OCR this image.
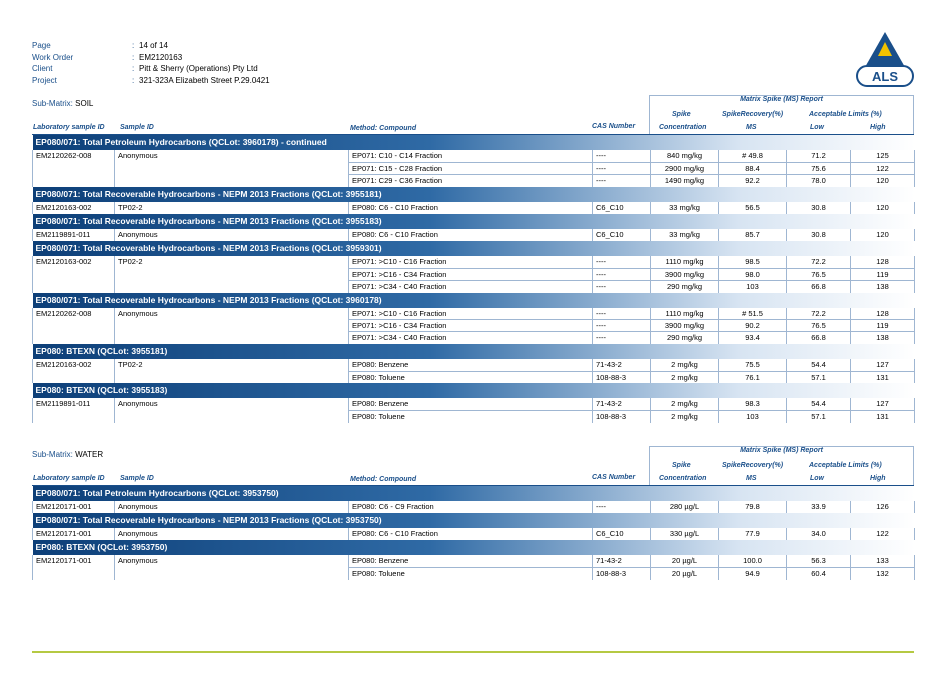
Page	: 14 of 14
Work Order	: EM2120163
Client	: Pitt & Sherry (Operations) Pty Ltd
Project	: 321-323A Elizabeth Street P.29.0421	ALS
Sub-Matrix: SOIL	Matrix Spike (MS) Report
Spike	SpikeRecovery(%)	Acceptable Limits (%)
Laboratory sample ID Sample ID	Method: Compound	CAS Number	Concentration	MS	Low	High
EP080/071: Total Petroleum Hydrocarbons (QCLot: 3960178) - continued							
EM2120262-008	Anonymous	EP071: C10 - C14 Fraction	----	840 mg/kg	# 49.8	71.2	125
		EP071: C15 - C28 Fraction	----	2900 mg/kg	88.4	75.6	122
		EP071: C29 - C36 Fraction	----	1490 mg/kg	92.2	78.0	120
EP080/071: Total Recoverable Hydrocarbons - NEPM 2013 Fractions (QCLot: 3955181)							
EM2120163-002	TP02-2	EP080: C6 - C10 Fraction	C6_C10	33 mg/kg	56.5	30.8	120
EP080/071: Total Recoverable Hydrocarbons - NEPM 2013 Fractions (QCLot: 3955183)							
EM2119891-011	Anonymous	EP080: C6 - C10 Fraction	C6_C10	33 mg/kg	85.7	30.8	120
EP080/071: Total Recoverable Hydrocarbons - NEPM 2013 Fractions (QCLot: 3959301)							
EM2120163-002	TP02-2	EP071: >C10 - C16 Fraction	----	1110 mg/kg	98.5	72.2	128
		EP071: >C16 - C34 Fraction	----	3900 mg/kg	98.0	76.5	119
		EP071: >C34 - C40 Fraction	----	290 mg/kg	103	66.8	138
EP080/071: Total Recoverable Hydrocarbons - NEPM 2013 Fractions (QCLot: 3960178)							
EM2120262-008	Anonymous	EP071: >C10 - C16 Fraction	----	1110 mg/kg	# 51.5	72.2	128
		EP071: >C16 - C34 Fraction	----	3900 mg/kg	90.2	76.5	119
		EP071: >C34 - C40 Fraction	----	290 mg/kg	93.4	66.8	138
EP080: BTEXN (QCLot: 3955181)							
EM2120163-002	TP02-2	EP080: Benzene	71-43-2	2 mg/kg	75.5	54.4	127
		EP080: Toluene	108-88-3	2 mg/kg	76.1	57.1	131
EP080: BTEXN (QCLot: 3955183)							
EM2119891-011	Anonymous	EP080: Benzene	71-43-2	2 mg/kg	98.3	54.4	127
		EP080: Toluene	108-88-3	2 mg/kg	103	57.1	131
Sub-Matrix: WATER	Matrix Spike (MS) Report
Spike	SpikeRecovery(%)	Acceptable Limits (%)
Laboratory sample ID Sample ID	Method: Compound	CAS Number	Concentration	MS	Low	High
EP080/071: Total Petroleum Hydrocarbons (QCLot: 3953750)							
EM2120171-001	Anonymous	EP080: C6 - C9 Fraction	----	280 µg/L	79.8	33.9	126
EP080/071: Total Recoverable Hydrocarbons - NEPM 2013 Fractions (QCLot: 3953750)							
EM2120171-001	Anonymous	EP080: C6 - C10 Fraction	C6_C10	330 µg/L	77.9	34.0	122
EP080: BTEXN (QCLot: 3953750)							
EM2120171-001	Anonymous	EP080: Benzene	71-43-2	20 µg/L	100.0	56.3	133
		EP080: Toluene	108-88-3	20 µg/L	94.9	60.4	132
